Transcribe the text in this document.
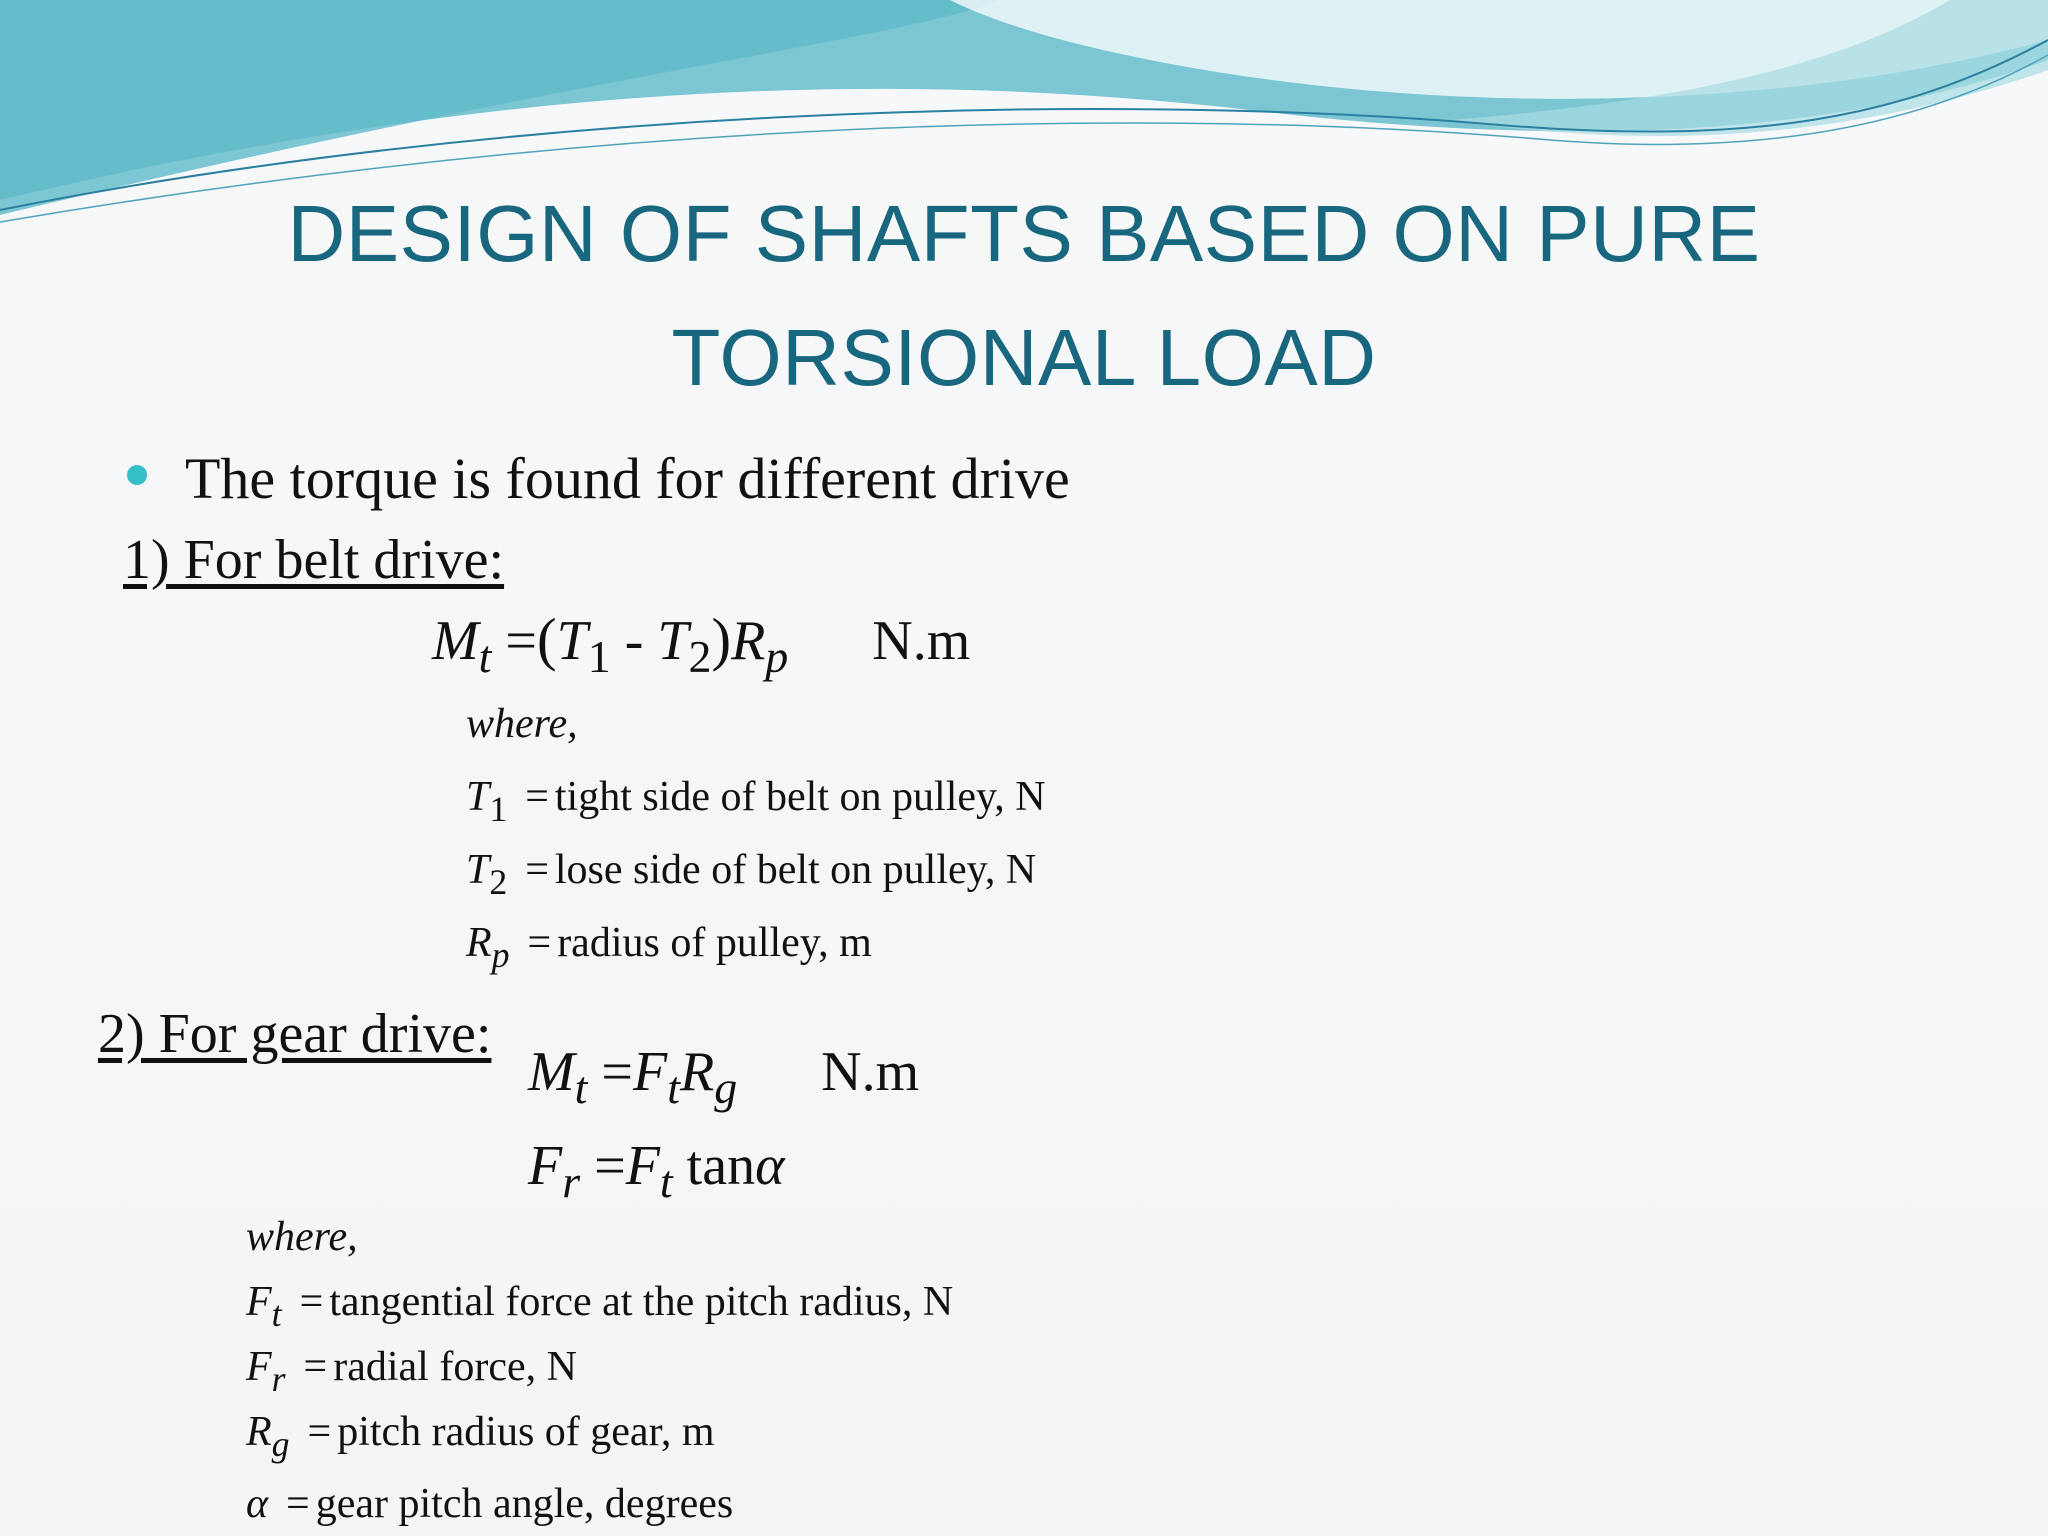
DESIGN OF SHAFTS BASED ON PURE
TORSIONAL LOAD
The torque is found for different drive
1) For belt drive:
$M_t =(T_1 - T_2)R_p$ N.m
where,
T1 = tight side of belt on pulley, N
T2 = lose side of belt on pulley, N
Rp = radius of pulley, m
2) For gear drive:
$M_t =F_tR_g$ N.m
$F_r =F_t$ tanα
where,
Ft = tangential force at the pitch radius, N
Fr = radial force, N
Rg = pitch radius of gear, m
α = gear pitch angle, degrees
